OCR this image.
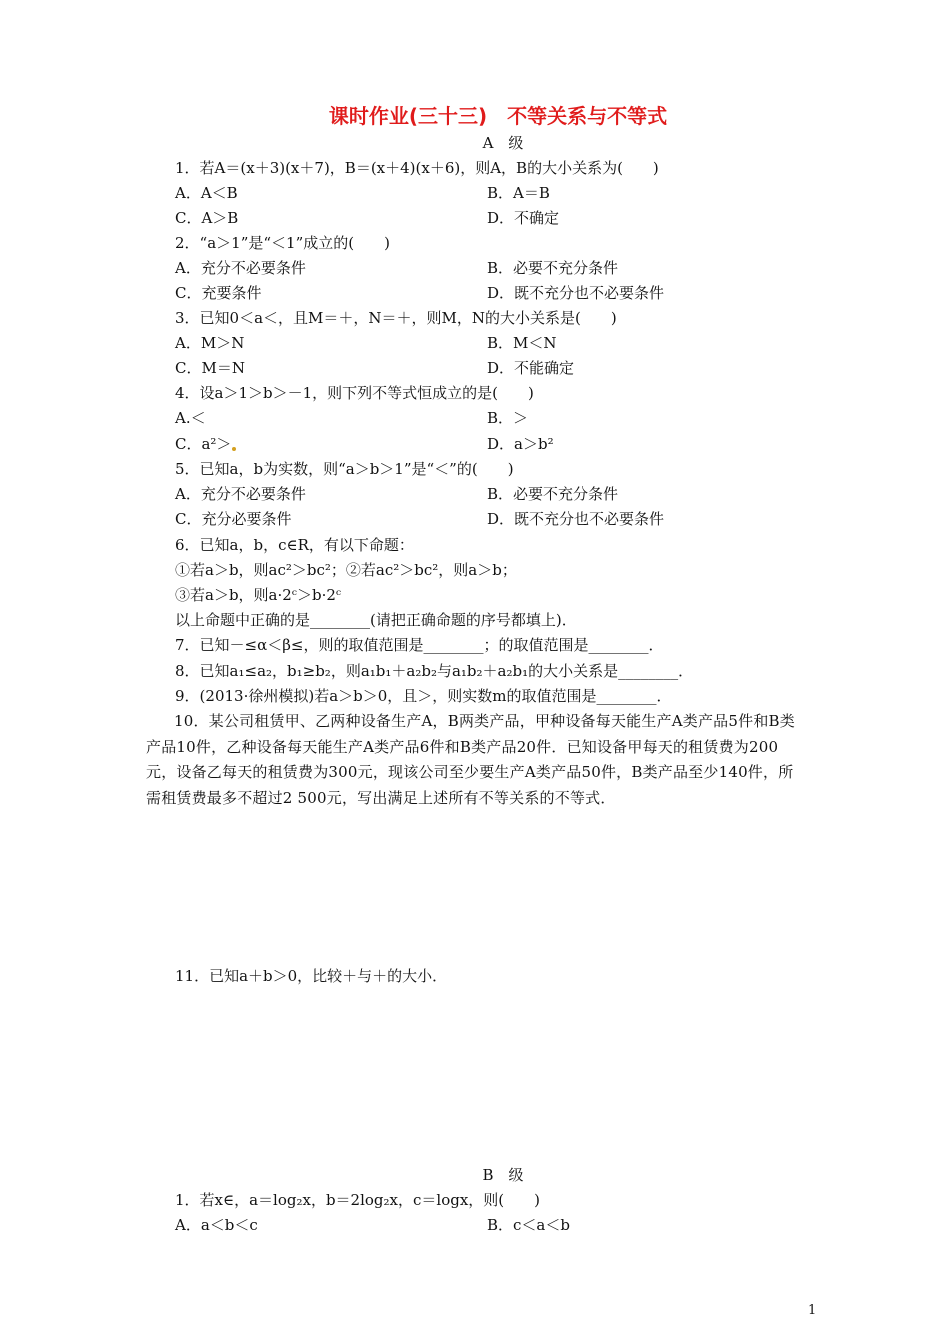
课时作业(三十三)　不等关系与不等式
A　级
1．若A＝(x＋3)(x＋7)，B＝(x＋4)(x＋6)，则A，B的大小关系为(　　)
A．A＜B	B．A＝B
C．A＞B	D．不确定
2．“a＞1”是“＜1”成立的(　　)
A．充分不必要条件	B．必要不充分条件
C．充要条件	D．既不充分也不必要条件
3．已知0＜a＜，且M＝＋，N＝＋，则M，N的大小关系是(　　)
A．M＞N	B．M＜N
C．M＝N	D．不能确定
4．设a＞1＞b＞－1，则下列不等式恒成立的是(　　)
A.＜	B．＞
C．a²＞	D．a＞b²
5．已知a，b为实数，则“a＞b＞1”是“＜”的(　　)
A．充分不必要条件	B．必要不充分条件
C．充分必要条件	D．既不充分也不必要条件
6．已知a，b，c∈R，有以下命题：
①若a＞b，则ac²＞bc²；②若ac²＞bc²，则a＞b；
③若a＞b，则a·2ᶜ＞b·2ᶜ
以上命题中正确的是________(请把正确命题的序号都填上)．
7．已知－≤α＜β≤，则的取值范围是________；的取值范围是________．
8．已知a₁≤a₂，b₁≥b₂，则a₁b₁＋a₂b₂与a₁b₂＋a₂b₁的大小关系是________．
9．(2013·徐州模拟)若a＞b＞0，且＞，则实数m的取值范围是________．
10．某公司租赁甲、乙两种设备生产A，B两类产品，甲种设备每天能生产A类产品5件和B类产品10件，乙种设备每天能生产A类产品6件和B类产品20件．已知设备甲每天的租赁费为200元，设备乙每天的租赁费为300元，现该公司至少要生产A类产品50件，B类产品至少140件，所需租赁费最多不超过2 500元，写出满足上述所有不等关系的不等式．
11．已知a＋b＞0，比较＋与＋的大小．
B　级
1．若x∈，a＝log₂x，b＝2log₂x，c＝logx，则(　　)
A．a＜b＜c	B．c＜a＜b
1
